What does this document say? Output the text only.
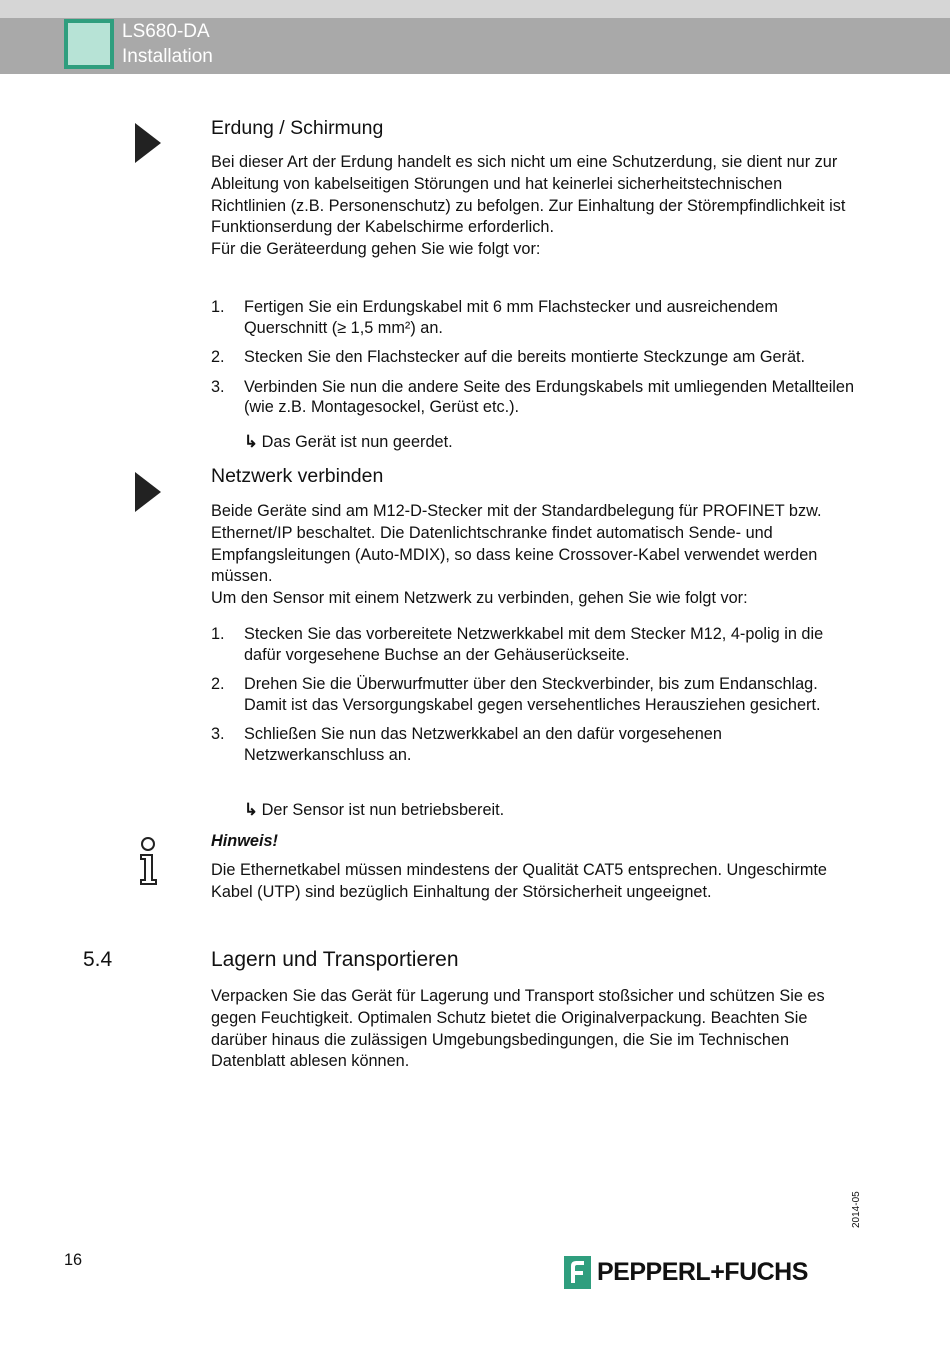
LS680-DA
Installation
Erdung / Schirmung

Bei dieser Art der Erdung handelt es sich nicht um eine Schutzerdung, sie dient nur zur Ableitung von kabelseitigen Störungen und hat keinerlei sicherheitstechnischen Richtlinien (z.B. Personenschutz) zu befolgen. Zur Einhaltung der Störempfindlichkeit ist Funktionserdung der Kabelschirme erforderlich.

Für die Geräteerdung gehen Sie wie folgt vor:

1. Fertigen Sie ein Erdungskabel mit 6 mm Flachstecker und ausreichendem Querschnitt (≥ 1,5 mm²) an.
2. Stecken Sie den Flachstecker auf die bereits montierte Steckzunge am Gerät.
3. Verbinden Sie nun die andere Seite des Erdungskabels mit umliegenden Metallteilen (wie z.B. Montagesockel, Gerüst etc.).
↳ Das Gerät ist nun geerdet.
Netzwerk verbinden

Beide Geräte sind am M12-D-Stecker mit der Standardbelegung für PROFINET bzw. Ethernet/IP beschaltet. Die Datenlichtschranke findet automatisch Sende- und Empfangsleitungen (Auto-MDIX), so dass keine Crossover-Kabel verwendet werden müssen.

Um den Sensor mit einem Netzwerk zu verbinden, gehen Sie wie folgt vor:

1. Stecken Sie das vorbereitete Netzwerkkabel mit dem Stecker M12, 4-polig in die dafür vorgesehene Buchse an der Gehäuserückseite.
2. Drehen Sie die Überwurfmutter über den Steckverbinder, bis zum Endanschlag. Damit ist das Versorgungskabel gegen versehentliches Herausziehen gesichert.
3. Schließen Sie nun das Netzwerkkabel an den dafür vorgesehenen Netzwerkanschluss an.
↳ Der Sensor ist nun betriebsbereit.
Hinweis!
Die Ethernetkabel müssen mindestens der Qualität CAT5 entsprechen. Ungeschirmte Kabel (UTP) sind bezüglich Einhaltung der Störsicherheit ungeeignet.
5.4	Lagern und Transportieren
Verpacken Sie das Gerät für Lagerung und Transport stoßsicher und schützen Sie es gegen Feuchtigkeit. Optimalen Schutz bietet die Originalverpackung. Beachten Sie darüber hinaus die zulässigen Umgebungsbedingungen, die Sie im Technischen Datenblatt ablesen können.
2014-05
16	PEPPERL+FUCHS
